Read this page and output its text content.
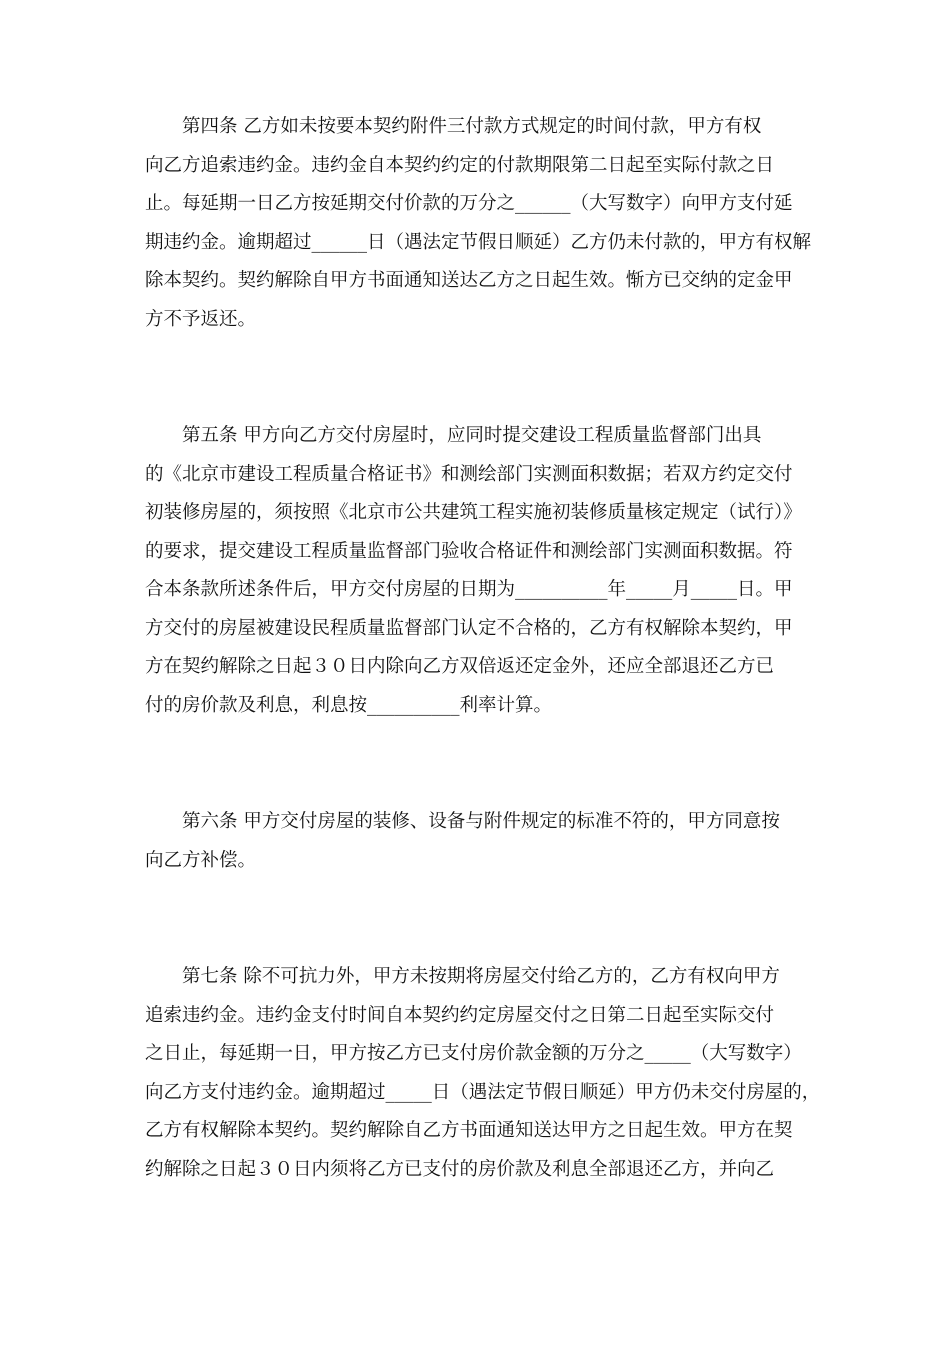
第四条 乙方如未按要本契约附件三付款方式规定的时间付款，甲方有权
向乙方追索违约金。违约金自本契约约定的付款期限第二日起至实际付款之日
止。每延期一日乙方按延期交付价款的万分之______（大写数字）向甲方支付延
期违约金。逾期超过______日（遇法定节假日顺延）乙方仍未付款的，甲方有权解
除本契约。契约解除自甲方书面通知送达乙方之日起生效。惭方已交纳的定金甲
方不予返还。
第五条 甲方向乙方交付房屋时，应同时提交建设工程质量监督部门出具
的《北京市建设工程质量合格证书》和测绘部门实测面积数据；若双方约定交付
初装修房屋的，须按照《北京市公共建筑工程实施初装修质量核定规定（试行）》
的要求，提交建设工程质量监督部门验收合格证件和测绘部门实测面积数据。符
合本条款所述条件后，甲方交付房屋的日期为__________年_____月_____日。甲
方交付的房屋被建设民程质量监督部门认定不合格的，乙方有权解除本契约，甲
方在契约解除之日起３０日内除向乙方双倍返还定金外，还应全部退还乙方已
付的房价款及利息，利息按__________利率计算。
第六条 甲方交付房屋的装修、设备与附件规定的标准不符的，甲方同意按
向乙方补偿。
第七条 除不可抗力外，甲方未按期将房屋交付给乙方的，乙方有权向甲方
追索违约金。违约金支付时间自本契约约定房屋交付之日第二日起至实际交付
之日止，每延期一日，甲方按乙方已支付房价款金额的万分之_____（大写数字）
向乙方支付违约金。逾期超过_____日（遇法定节假日顺延）甲方仍未交付房屋的，
乙方有权解除本契约。契约解除自乙方书面通知送达甲方之日起生效。甲方在契
约解除之日起３０日内须将乙方已支付的房价款及利息全部退还乙方，并向乙
